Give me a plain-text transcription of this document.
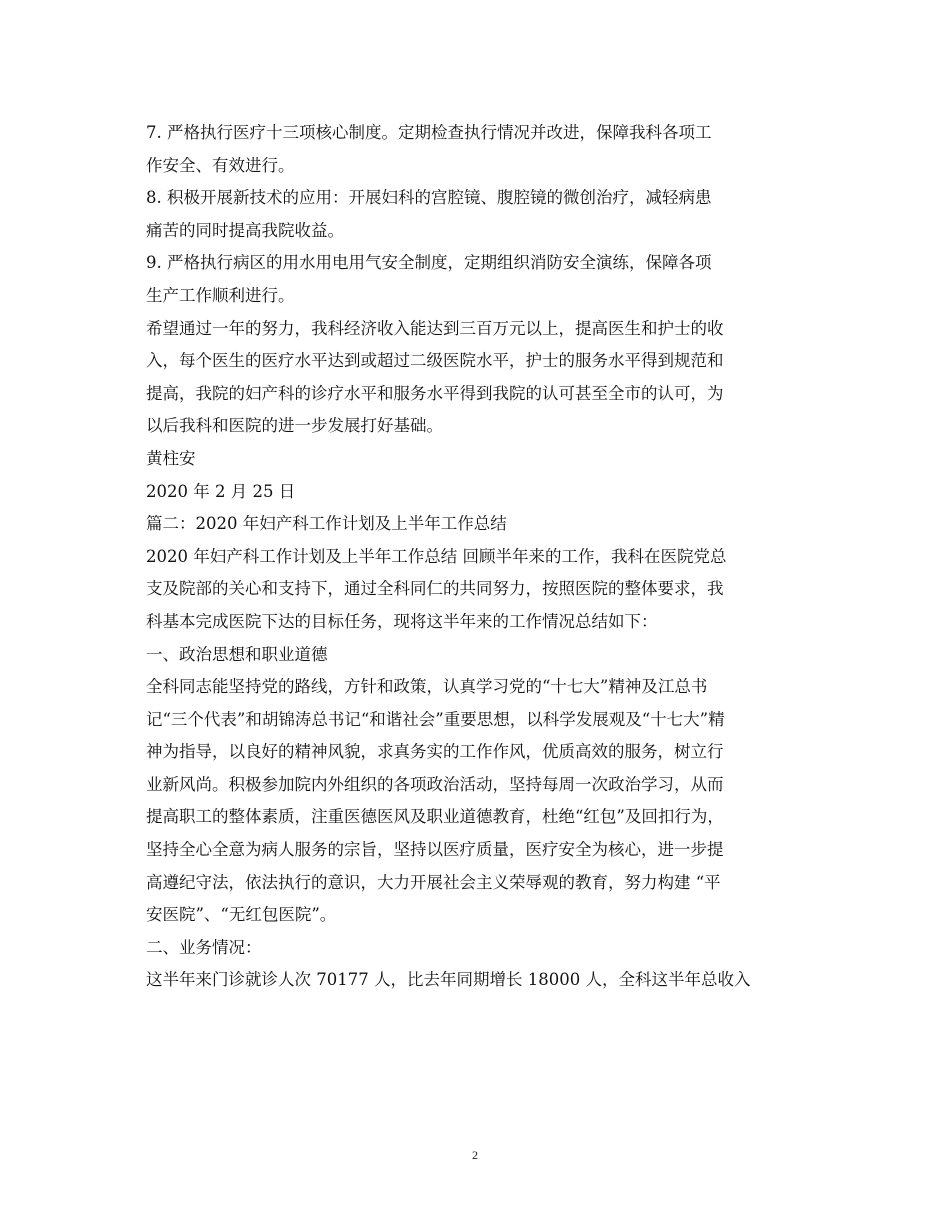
7. 严格执行医疗十三项核心制度。定期检查执行情况并改进，保障我科各项工
作安全、有效进行。
8. 积极开展新技术的应用：开展妇科的宫腔镜、腹腔镜的微创治疗，减轻病患
痛苦的同时提高我院收益。
9. 严格执行病区的用水用电用气安全制度，定期组织消防安全演练，保障各项
生产工作顺利进行。
希望通过一年的努力，我科经济收入能达到三百万元以上，提高医生和护士的收
入，每个医生的医疗水平达到或超过二级医院水平，护士的服务水平得到规范和
提高，我院的妇产科的诊疗水平和服务水平得到我院的认可甚至全市的认可，为
以后我科和医院的进一步发展打好基础。
黄柱安
2020 年 2 月 25 日
篇二：2020 年妇产科工作计划及上半年工作总结
2020 年妇产科工作计划及上半年工作总结 回顾半年来的工作，我科在医院党总
支及院部的关心和支持下，通过全科同仁的共同努力，按照医院的整体要求，我
科基本完成医院下达的目标任务，现将这半年来的工作情况总结如下：
一、政治思想和职业道德
全科同志能坚持党的路线，方针和政策，认真学习党的“十七大”精神及江总书
记“三个代表”和胡锦涛总书记“和谐社会”重要思想，以科学发展观及“十七大”精
神为指导，以良好的精神风貌，求真务实的工作作风，优质高效的服务，树立行
业新风尚。积极参加院内外组织的各项政治活动，坚持每周一次政治学习，从而
提高职工的整体素质，注重医德医风及职业道德教育，杜绝“红包”及回扣行为，
坚持全心全意为病人服务的宗旨，坚持以医疗质量，医疗安全为核心，进一步提
高遵纪守法，依法执行的意识，大力开展社会主义荣辱观的教育，努力构建 “平
安医院”、“无红包医院”。
二、业务情况：
这半年来门诊就诊人次 70177 人，比去年同期增长 18000 人，全科这半年总收入
2
